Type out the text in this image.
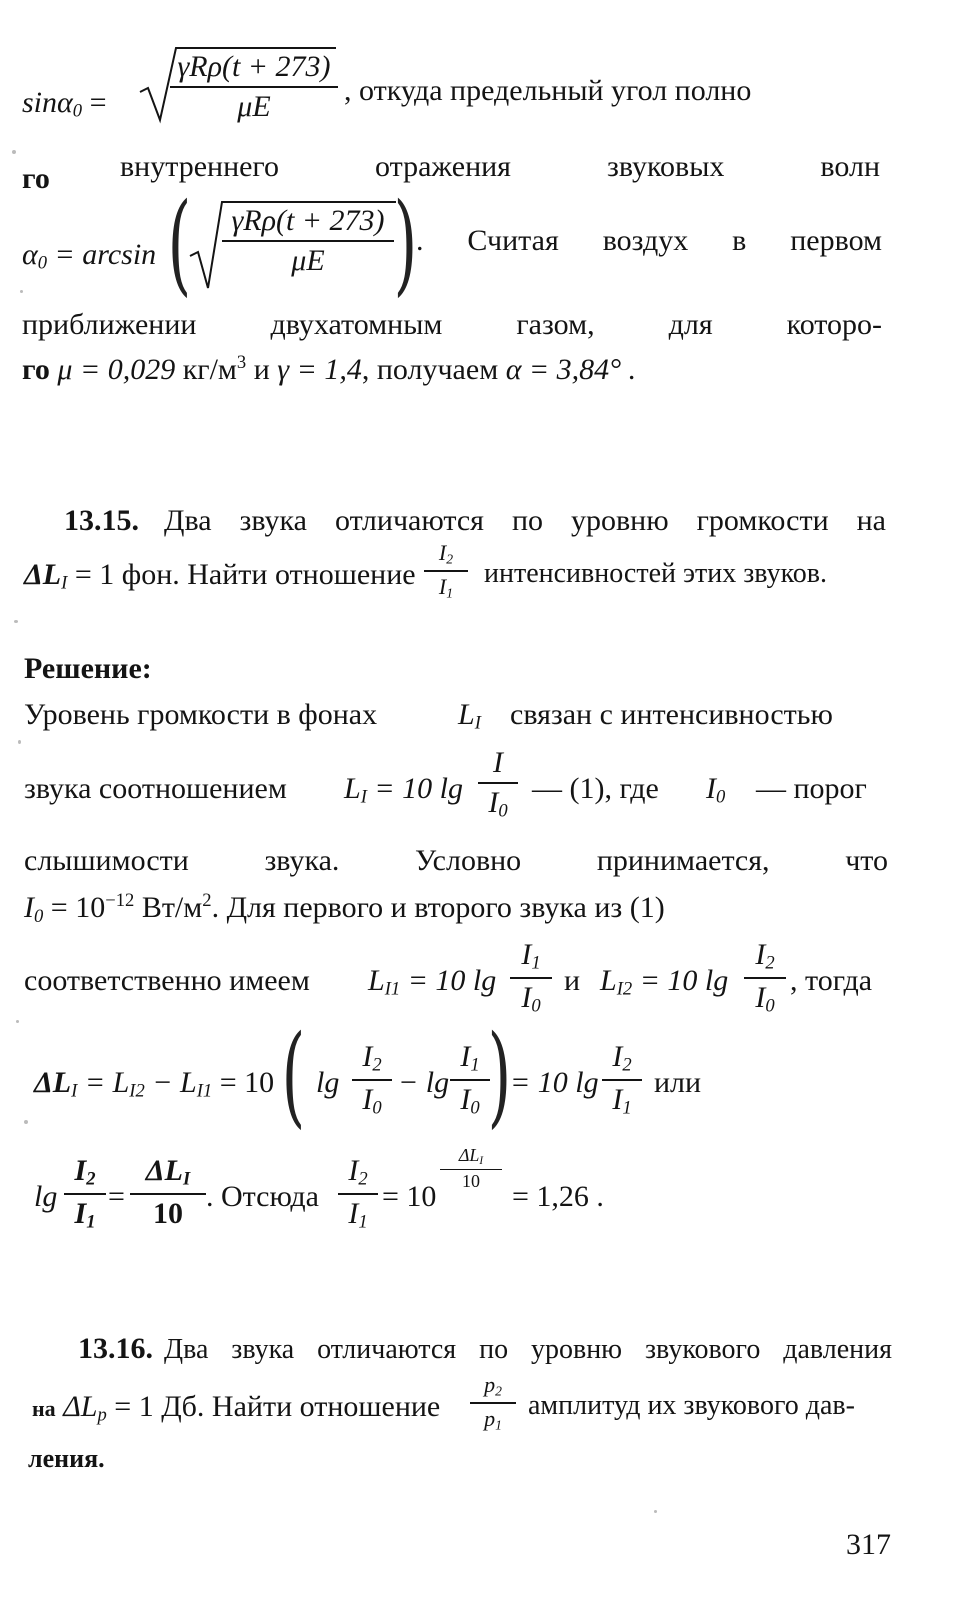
sinα$_0$ =
γRρ(t + 273)
μE	, откуда предельный угол полно
го внутреннего отражения звуковых волн
$\alpha_0 = \arcsin$ (	γRρ(t + 273)
μE )
. Считая воздух в первом
приближении двухатомным газом, для которо-
го μ = 0,029 $кг/м^3$ и γ = 1,4, получаем α = 3,84° .
13.15. Два звука отличаются по уровню громкости на
$\Delta L_I = 1$ фон. Найти отношение
$I_2$
$I_1$
интенсивностей этих звуков.
Решение:
Уровень громкости в фонах	$L_I$ связан с интенсивностью
звука соотношением $L_I = 10$ lg
I
$I_0$
— (1), где $I_0$ — порог
слышимости звука. Условно принимается, что
$I_0 = 10^{-12}$ $Вт/м^2$. Для первого и второго звука из (1)
соответственно имеем $L_{I1} = 10$ lg
$I_1$
$I_0$
и $L_{I2} = 10$ lg
$I_2$
$I_0$
, тогда
$\Delta L_I = L_{I2} - L_{I1} = 10$ ( lg
$I_2$
$I_0$
− lg
$I_1$
$I_0$ )
= 10 lg
$I_2$
$I_1$
или
lg
$I_2$
$I_1$
=
$\Delta L_I$
10
. Отсюда
$I_2$
$I_1$
= 10
$\Delta L_I$
10	= 1,26 .
13.16. Два звука отличаются по уровню звукового давления
на $\Delta L_p = 1$ Дб. Найти отношение
$p_2$
$p_1$
амплитуд их звукового дав-
ления.
317
